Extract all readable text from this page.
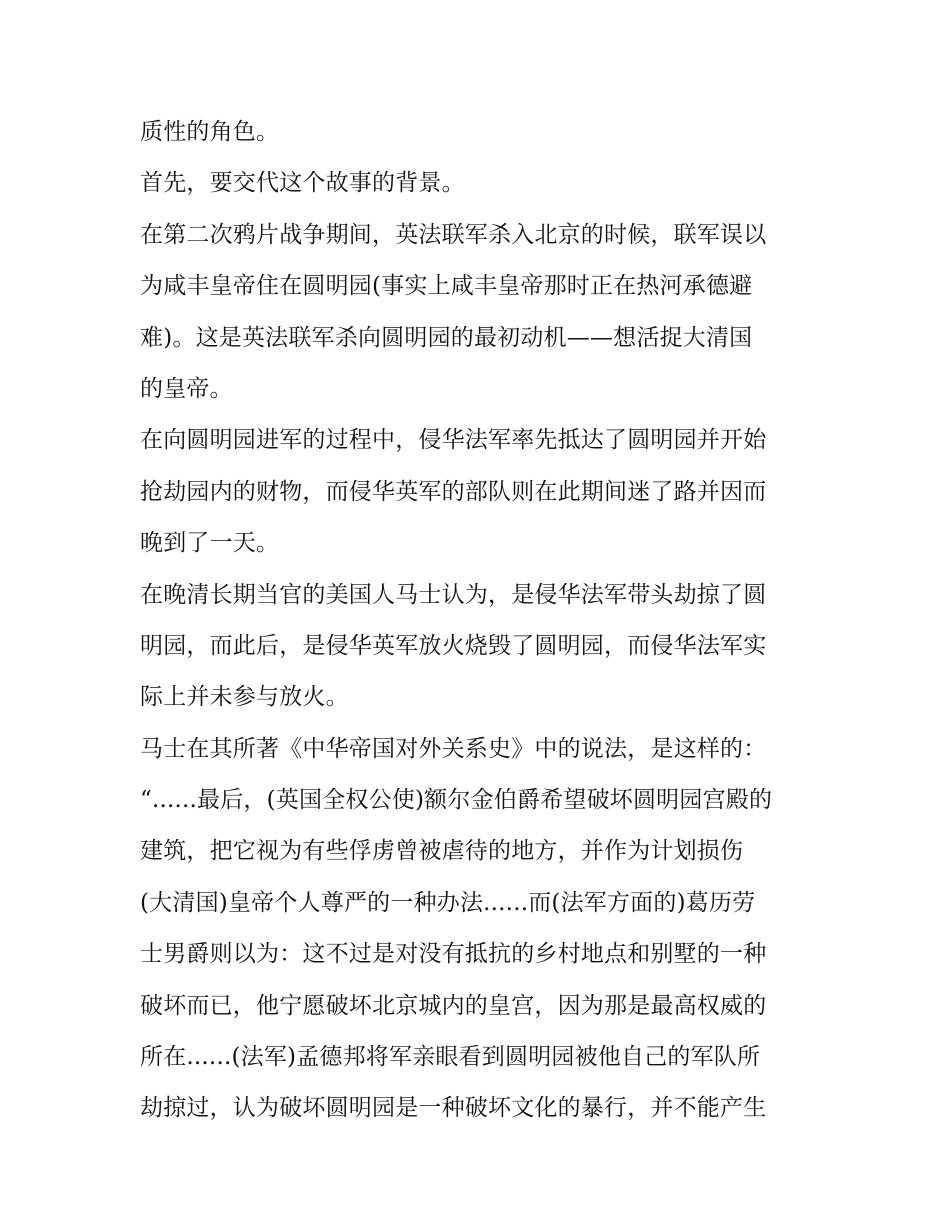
质性的角色。
首先，要交代这个故事的背景。
在第二次鸦片战争期间，英法联军杀入北京的时候，联军误以
为咸丰皇帝住在圆明园(事实上咸丰皇帝那时正在热河承德避
难)。这是英法联军杀向圆明园的最初动机——想活捉大清国
的皇帝。
在向圆明园进军的过程中，侵华法军率先抵达了圆明园并开始
抢劫园内的财物，而侵华英军的部队则在此期间迷了路并因而
晚到了一天。
在晚清长期当官的美国人马士认为，是侵华法军带头劫掠了圆
明园，而此后，是侵华英军放火烧毁了圆明园，而侵华法军实
际上并未参与放火。
马士在其所著《中华帝国对外关系史》中的说法，是这样的：
“......最后，(英国全权公使)额尔金伯爵希望破坏圆明园宫殿的
建筑，把它视为有些俘虏曾被虐待的地方，并作为计划损伤
(大清国)皇帝个人尊严的一种办法......而(法军方面的)葛历劳
士男爵则以为：这不过是对没有抵抗的乡村地点和别墅的一种
破坏而已，他宁愿破坏北京城内的皇宫，因为那是最高权威的
所在......(法军)孟德邦将军亲眼看到圆明园被他自己的军队所
劫掠过，认为破坏圆明园是一种破坏文化的暴行，并不能产生
